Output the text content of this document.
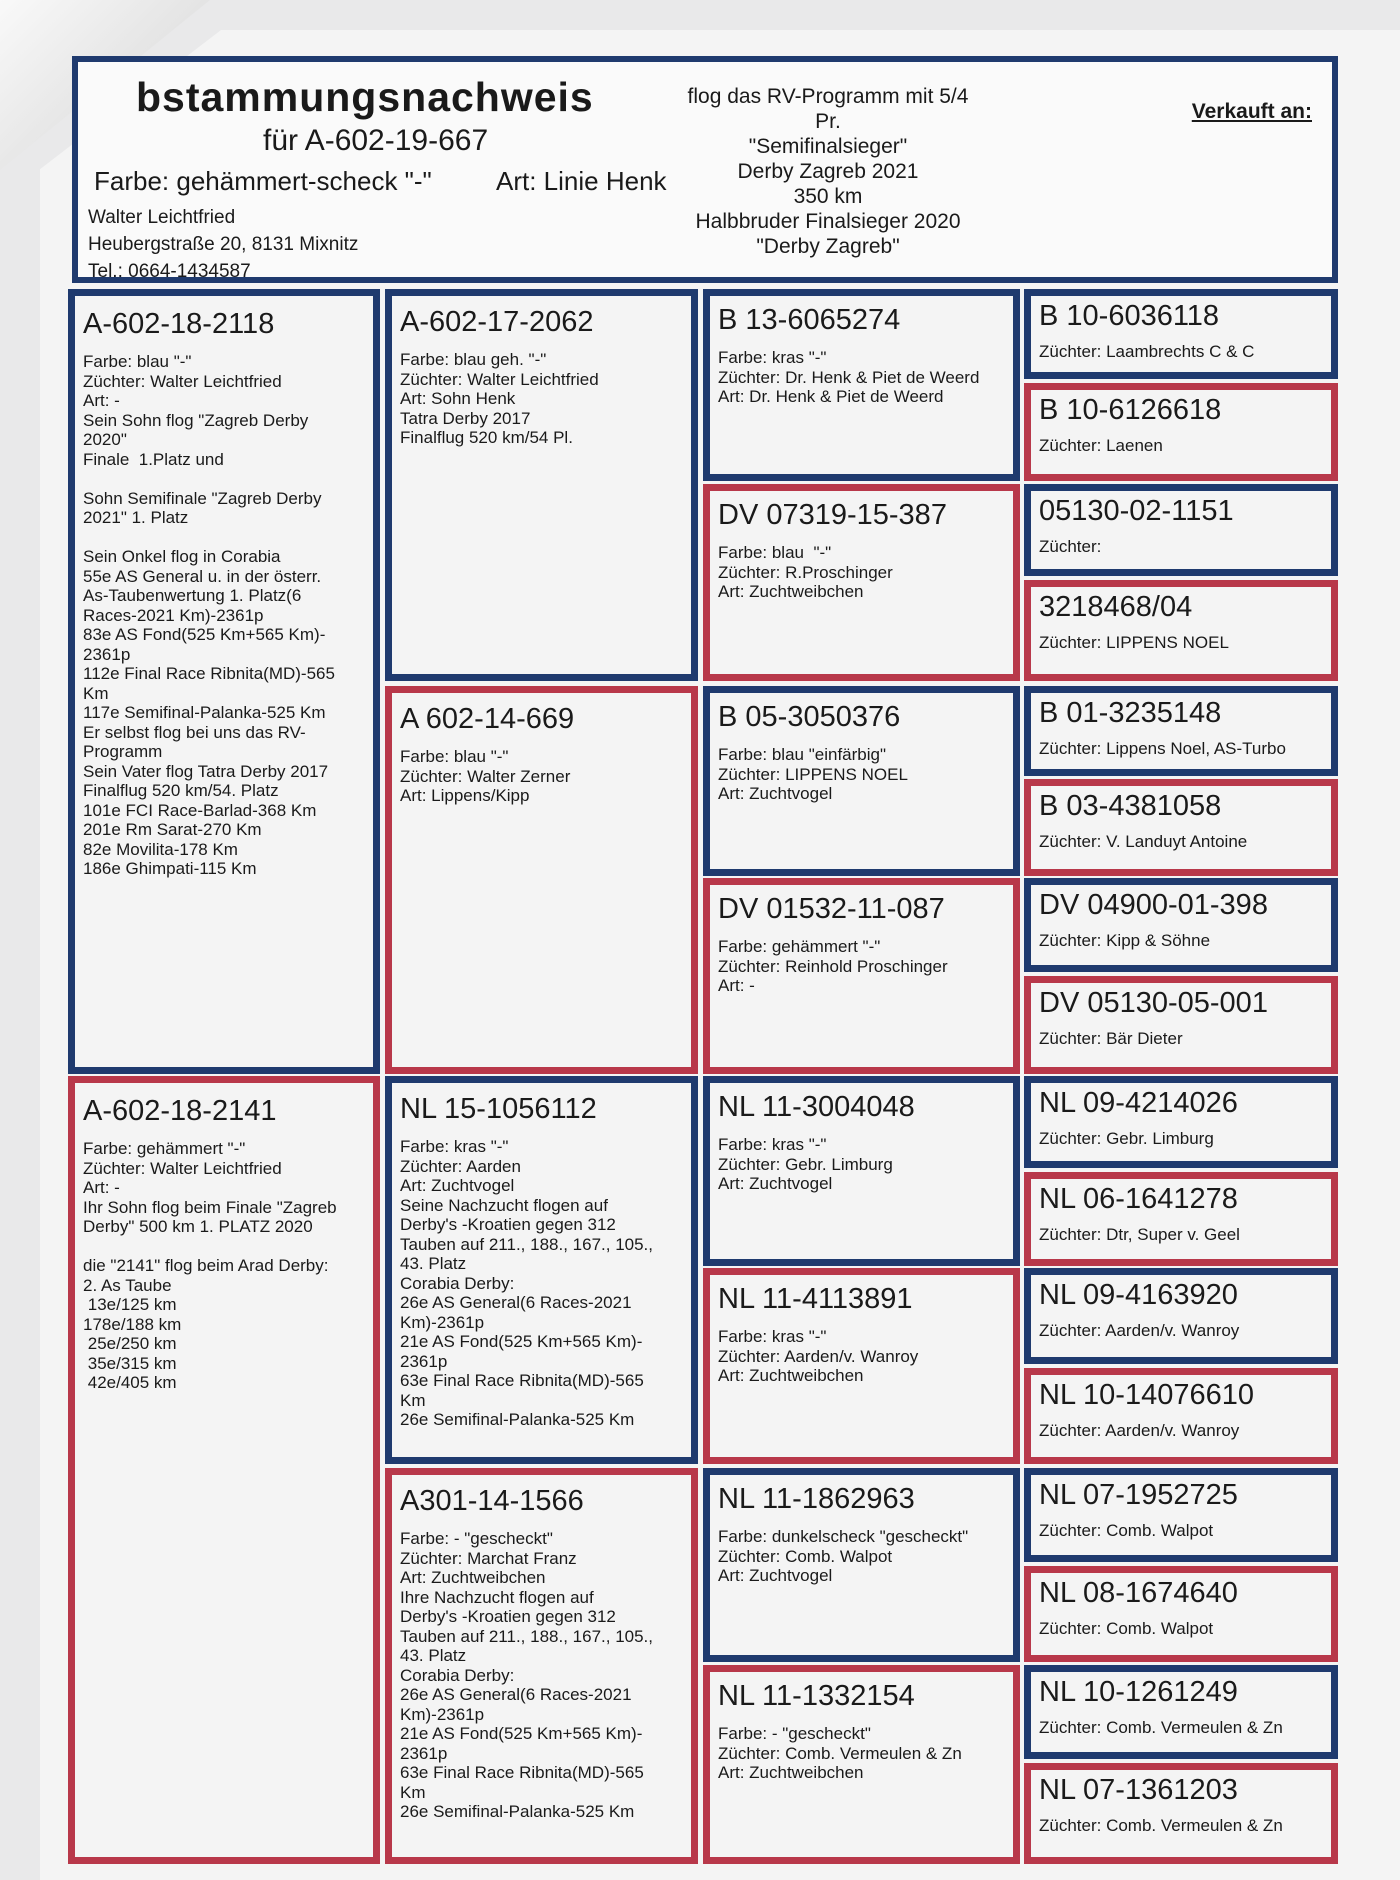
bstammungsnachweis
für A-602-19-667
Farbe: gehämmert-scheck "-" Art: Linie Henk
Walter Leichtfried
Heubergstraße 20, 8131 Mixnitz
Tel.: 0664-1434587
flog das RV-Programm mit 5/4
Pr.
"Semifinalsieger"
Derby Zagreb 2021
350 km
Halbbruder Finalsieger 2020
"Derby Zagreb"
Verkauft an:
A-602-18-2118
Farbe: blau "-"
Züchter: Walter Leichtfried
Art: -
Sein Sohn flog "Zagreb Derby
2020"
Finale  1.Platz und
Sohn Semifinale "Zagreb Derby
2021" 1. Platz
Sein Onkel flog in Corabia
55e AS General u. in der österr.
As-Taubenwertung 1. Platz(6
Races-2021 Km)-2361p
83e AS Fond(525 Km+565 Km)-
2361p
112e Final Race Ribnita(MD)-565
Km
117e Semifinal-Palanka-525 Km
Er selbst flog bei uns das RV-
Programm
Sein Vater flog Tatra Derby 2017
Finalflug 520 km/54. Platz
101e FCI Race-Barlad-368 Km
201e Rm Sarat-270 Km
82e Movilita-178 Km
186e Ghimpati-115 Km
A-602-18-2141
Farbe: gehämmert "-"
Züchter: Walter Leichtfried
Art: -
Ihr Sohn flog beim Finale "Zagreb
Derby" 500 km 1. PLATZ 2020
die "2141" flog beim Arad Derby:
2. As Taube
13e/125 km
178e/188 km
25e/250 km
35e/315 km
42e/405 km
A-602-17-2062
Farbe: blau geh. "-"
Züchter: Walter Leichtfried
Art: Sohn Henk
Tatra Derby 2017
Finalflug 520 km/54 Pl.
A 602-14-669
Farbe: blau "-"
Züchter: Walter Zerner
Art: Lippens/Kipp
NL 15-1056112
Farbe: kras "-"
Züchter: Aarden
Art: Zuchtvogel
Seine Nachzucht flogen auf
Derby's -Kroatien gegen 312
Tauben auf 211., 188., 167., 105.,
43. Platz
Corabia Derby:
26e AS General(6 Races-2021
Km)-2361p
21e AS Fond(525 Km+565 Km)-
2361p
63e Final Race Ribnita(MD)-565
Km
26e Semifinal-Palanka-525 Km
A301-14-1566
Farbe: - "gescheckt"
Züchter: Marchat Franz
Art: Zuchtweibchen
Ihre Nachzucht flogen auf
Derby's -Kroatien gegen 312
Tauben auf 211., 188., 167., 105.,
43. Platz
Corabia Derby:
26e AS General(6 Races-2021
Km)-2361p
21e AS Fond(525 Km+565 Km)-
2361p
63e Final Race Ribnita(MD)-565
Km
26e Semifinal-Palanka-525 Km
B 13-6065274
Farbe: kras "-"
Züchter: Dr. Henk & Piet de Weerd
Art: Dr. Henk & Piet de Weerd
DV 07319-15-387
Farbe: blau  "-"
Züchter: R.Proschinger
Art: Zuchtweibchen
B 05-3050376
Farbe: blau "einfärbig"
Züchter: LIPPENS NOEL
Art: Zuchtvogel
DV 01532-11-087
Farbe: gehämmert "-"
Züchter: Reinhold Proschinger
Art: -
NL 11-3004048
Farbe: kras "-"
Züchter: Gebr. Limburg
Art: Zuchtvogel
NL 11-4113891
Farbe: kras "-"
Züchter: Aarden/v. Wanroy
Art: Zuchtweibchen
NL 11-1862963
Farbe: dunkelscheck "gescheckt"
Züchter: Comb. Walpot
Art: Zuchtvogel
NL 11-1332154
Farbe: - "gescheckt"
Züchter: Comb. Vermeulen & Zn
Art: Zuchtweibchen
B 10-6036118
Züchter: Laambrechts C & C
B 10-6126618
Züchter: Laenen
05130-02-1151
Züchter:
3218468/04
Züchter: LIPPENS NOEL
B 01-3235148
Züchter: Lippens Noel, AS-Turbo
B 03-4381058
Züchter: V. Landuyt Antoine
DV 04900-01-398
Züchter: Kipp & Söhne
DV 05130-05-001
Züchter: Bär Dieter
NL 09-4214026
Züchter: Gebr. Limburg
NL 06-1641278
Züchter: Dtr, Super v. Geel
NL 09-4163920
Züchter: Aarden/v. Wanroy
NL 10-14076610
Züchter: Aarden/v. Wanroy
NL 07-1952725
Züchter: Comb. Walpot
NL 08-1674640
Züchter: Comb. Walpot
NL 10-1261249
Züchter: Comb. Vermeulen & Zn
NL 07-1361203
Züchter: Comb. Vermeulen & Zn
